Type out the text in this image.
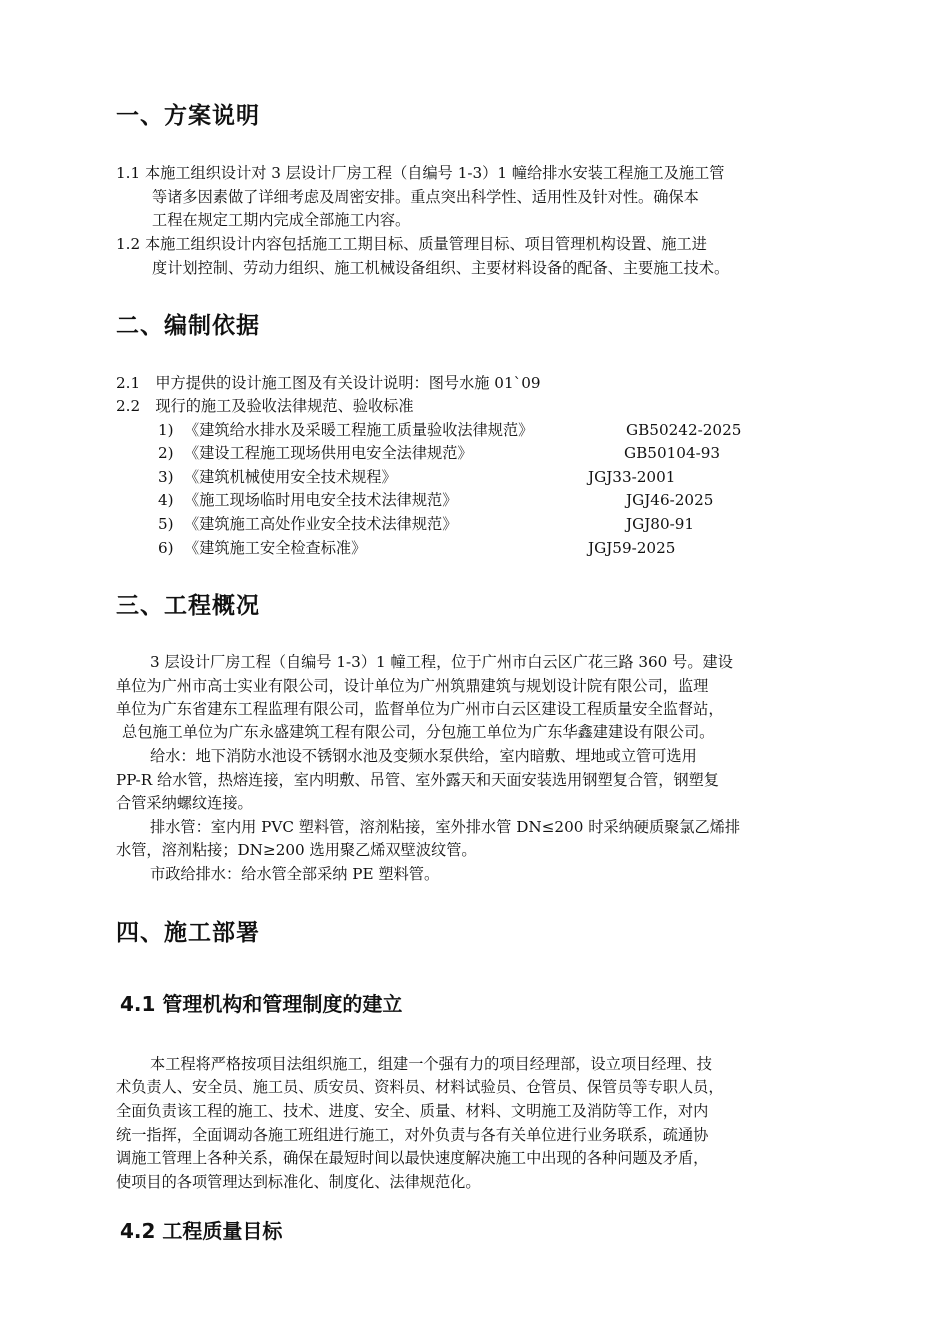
一、方案说明
1.1 本施工组织设计对 3 层设计厂房工程（自编号 1-3）1 幢给排水安装工程施工及施工管
等诸多因素做了详细考虑及周密安排。重点突出科学性、适用性及针对性。确保本
工程在规定工期内完成全部施工内容。
1.2 本施工组织设计内容包括施工工期目标、质量管理目标、项目管理机构设置、施工进
度计划控制、劳动力组织、施工机械设备组织、主要材料设备的配备、主要施工技术。
二、编制依据
2.1　甲方提供的设计施工图及有关设计说明：图号水施 01`09
2.2　现行的施工及验收法律规范、验收标准
1) 《建筑给水排水及采暖工程施工质量验收法律规范》	GB50242-2025
2) 《建设工程施工现场供用电安全法律规范》	GB50104-93
3) 《建筑机械使用安全技术规程》	JGJ33-2001
4) 《施工现场临时用电安全技术法律规范》	JGJ46-2025
5) 《建筑施工高处作业安全技术法律规范》	JGJ80-91
6) 《建筑施工安全检查标准》	JGJ59-2025
三、工程概况
3 层设计厂房工程（自编号 1-3）1 幢工程，位于广州市白云区广花三路 360 号。建设
单位为广州市高士实业有限公司，设计单位为广州筑鼎建筑与规划设计院有限公司，监理
单位为广东省建东工程监理有限公司，监督单位为广州市白云区建设工程质量安全监督站，
总包施工单位为广东永盛建筑工程有限公司，分包施工单位为广东华鑫建建设有限公司。
给水：地下消防水池设不锈钢水池及变频水泵供给，室内暗敷、埋地或立管可选用
PP-R 给水管，热熔连接，室内明敷、吊管、室外露天和天面安装选用钢塑复合管，钢塑复
合管采纳螺纹连接。
排水管：室内用 PVC 塑料管，溶剂粘接，室外排水管 DN≤200 时采纳硬质聚氯乙烯排
水管，溶剂粘接；DN≥200 选用聚乙烯双壁波纹管。
市政给排水：给水管全部采纳 PE 塑料管。
四、施工部署
4.1 管理机构和管理制度的建立
本工程将严格按项目法组织施工，组建一个强有力的项目经理部，设立项目经理、技
术负责人、安全员、施工员、质安员、资料员、材料试验员、仓管员、保管员等专职人员，
全面负责该工程的施工、技术、进度、安全、质量、材料、文明施工及消防等工作，对内
统一指挥，全面调动各施工班组进行施工，对外负责与各有关单位进行业务联系，疏通协
调施工管理上各种关系，确保在最短时间以最快速度解决施工中出现的各种问题及矛盾，
使项目的各项管理达到标准化、制度化、法律规范化。
4.2 工程质量目标
